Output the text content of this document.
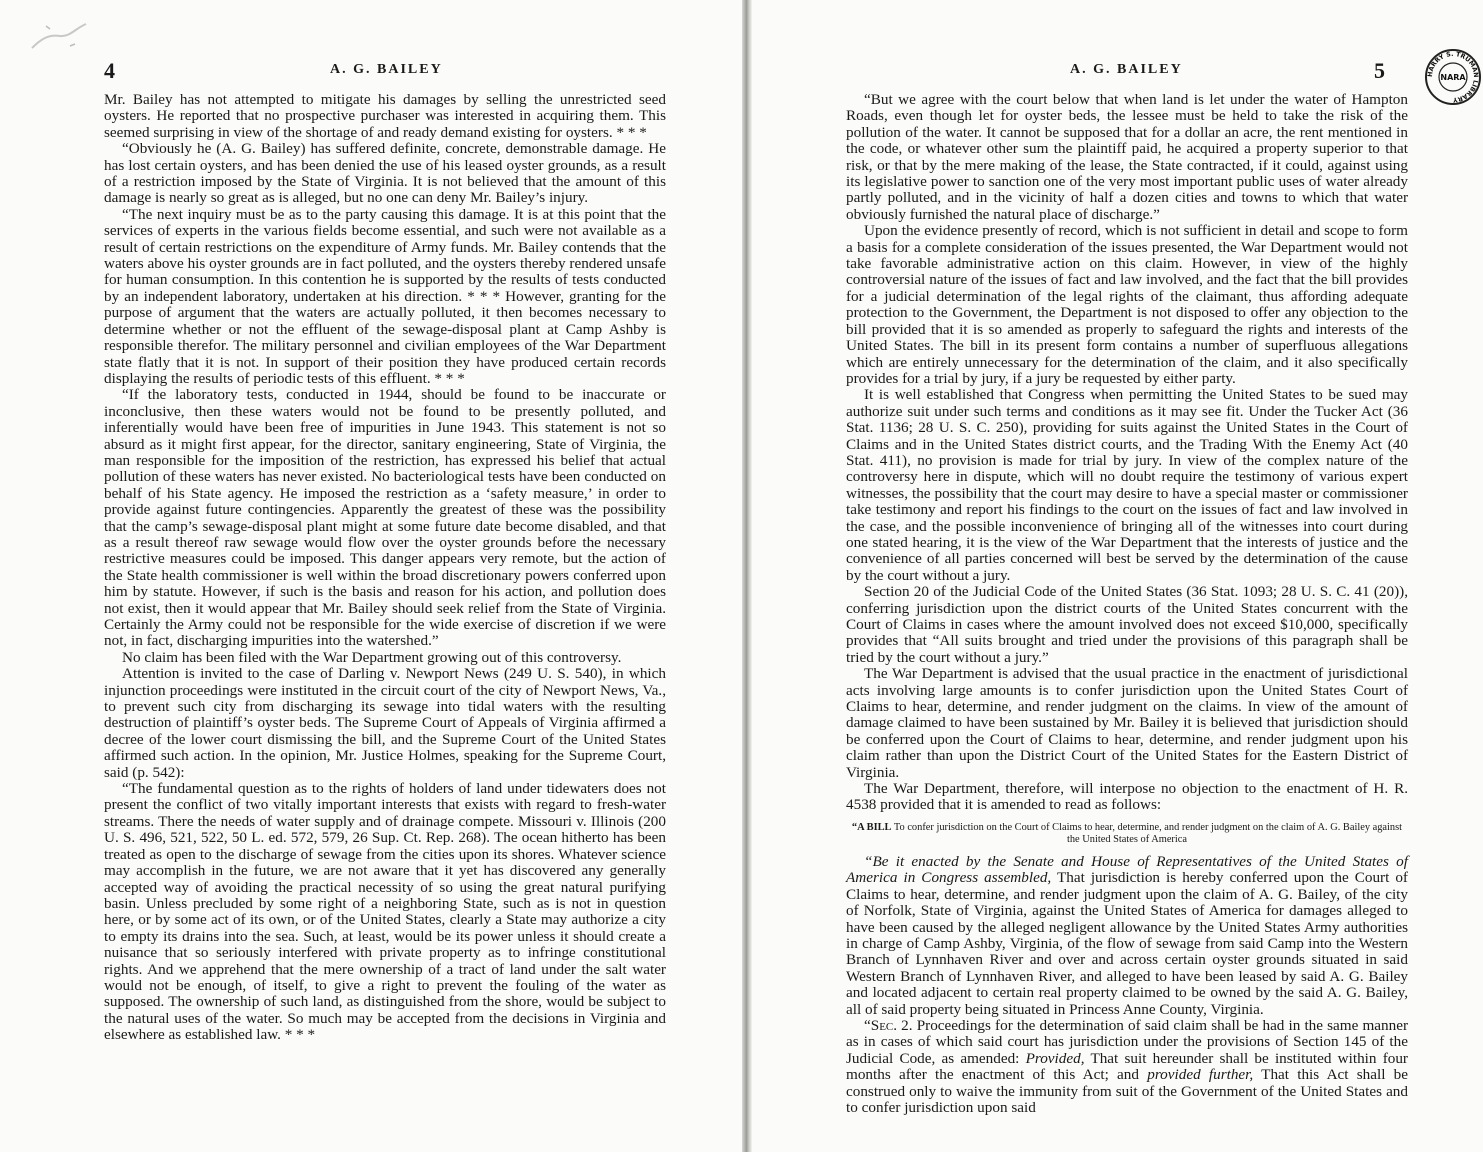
4	A. G. BAILEY

Mr. Bailey has not attempted to mitigate his damages by selling the unrestricted seed oysters. He reported that no prospective purchaser was interested in acquiring them. This seemed surprising in view of the shortage of and ready demand existing for oysters. * * *

“Obviously he (A. G. Bailey) has suffered definite, concrete, demonstrable damage. He has lost certain oysters, and has been denied the use of his leased oyster grounds, as a result of a restriction imposed by the State of Virginia. It is not believed that the amount of this damage is nearly so great as is alleged, but no one can deny Mr. Bailey’s injury.

“The next inquiry must be as to the party causing this damage. It is at this point that the services of experts in the various fields become essential, and such were not available as a result of certain restrictions on the expenditure of Army funds. Mr. Bailey contends that the waters above his oyster grounds are in fact polluted, and the oysters thereby rendered unsafe for human consumption. In this contention he is supported by the results of tests conducted by an independent laboratory, undertaken at his direction. * * * However, granting for the purpose of argument that the waters are actually polluted, it then becomes necessary to determine whether or not the effluent of the sewage-disposal plant at Camp Ashby is responsible therefor. The military personnel and civilian employees of the War Department state flatly that it is not. In support of their position they have produced certain records displaying the results of periodic tests of this effluent. * * *

“If the laboratory tests, conducted in 1944, should be found to be inaccurate or inconclusive, then these waters would not be found to be presently polluted, and inferentially would have been free of impurities in June 1943. This statement is not so absurd as it might first appear, for the director, sanitary engineering, State of Virginia, the man responsible for the imposition of the restriction, has expressed his belief that actual pollution of these waters has never existed. No bacteriological tests have been conducted on behalf of his State agency. He imposed the restriction as a ‘safety measure,’ in order to provide against future contingencies. Apparently the greatest of these was the possibility that the camp’s sewage-disposal plant might at some future date become disabled, and that as a result thereof raw sewage would flow over the oyster grounds before the necessary restrictive measures could be imposed. This danger appears very remote, but the action of the State health commissioner is well within the broad discretionary powers conferred upon him by statute. However, if such is the basis and reason for his action, and pollution does not exist, then it would appear that Mr. Bailey should seek relief from the State of Virginia. Certainly the Army could not be responsible for the wide exercise of discretion if we were not, in fact, discharging impurities into the watershed.”

No claim has been filed with the War Department growing out of this controversy.

Attention is invited to the case of Darling v. Newport News (249 U. S. 540), in which injunction proceedings were instituted in the circuit court of the city of Newport News, Va., to prevent such city from discharging its sewage into tidal waters with the resulting destruction of plaintiff’s oyster beds. The Supreme Court of Appeals of Virginia affirmed a decree of the lower court dismissing the bill, and the Supreme Court of the United States affirmed such action. In the opinion, Mr. Justice Holmes, speaking for the Supreme Court, said (p. 542):

“The fundamental question as to the rights of holders of land under tidewaters does not present the conflict of two vitally important interests that exists with regard to fresh-water streams. There the needs of water supply and of drainage compete. Missouri v. Illinois (200 U. S. 496, 521, 522, 50 L. ed. 572, 579, 26 Sup. Ct. Rep. 268). The ocean hitherto has been treated as open to the discharge of sewage from the cities upon its shores. Whatever science may accomplish in the future, we are not aware that it yet has discovered any generally accepted way of avoiding the practical necessity of so using the great natural purifying basin. Unless precluded by some right of a neighboring State, such as is not in question here, or by some act of its own, or of the United States, clearly a State may authorize a city to empty its drains into the sea. Such, at least, would be its power unless it should create a nuisance that so seriously interfered with private property as to infringe constitutional rights. And we apprehend that the mere ownership of a tract of land under the salt water would not be enough, of itself, to give a right to prevent the fouling of the water as supposed. The ownership of such land, as distinguished from the shore, would be subject to the natural uses of the water. So much may be accepted from the decisions in Virginia and elsewhere as established law. * * *

A. G. BAILEY	5	HARRY S. TRUMAN LIBRARY
NARA

“But we agree with the court below that when land is let under the water of Hampton Roads, even though let for oyster beds, the lessee must be held to take the risk of the pollution of the water. It cannot be supposed that for a dollar an acre, the rent mentioned in the code, or whatever other sum the plaintiff paid, he acquired a property superior to that risk, or that by the mere making of the lease, the State contracted, if it could, against using its legislative power to sanction one of the very most important public uses of water already partly polluted, and in the vicinity of half a dozen cities and towns to which that water obviously furnished the natural place of discharge.”

Upon the evidence presently of record, which is not sufficient in detail and scope to form a basis for a complete consideration of the issues presented, the War Department would not take favorable administrative action on this claim. However, in view of the highly controversial nature of the issues of fact and law involved, and the fact that the bill provides for a judicial determination of the legal rights of the claimant, thus affording adequate protection to the Government, the Department is not disposed to offer any objection to the bill provided that it is so amended as properly to safeguard the rights and interests of the United States. The bill in its present form contains a number of superfluous allegations which are entirely unnecessary for the determination of the claim, and it also specifically provides for a trial by jury, if a jury be requested by either party.

It is well established that Congress when permitting the United States to be sued may authorize suit under such terms and conditions as it may see fit. Under the Tucker Act (36 Stat. 1136; 28 U. S. C. 250), providing for suits against the United States in the Court of Claims and in the United States district courts, and the Trading With the Enemy Act (40 Stat. 411), no provision is made for trial by jury. In view of the complex nature of the controversy here in dispute, which will no doubt require the testimony of various expert witnesses, the possibility that the court may desire to have a special master or commissioner take testimony and report his findings to the court on the issues of fact and law involved in the case, and the possible inconvenience of bringing all of the witnesses into court during one stated hearing, it is the view of the War Department that the interests of justice and the convenience of all parties concerned will best be served by the determination of the cause by the court without a jury.

Section 20 of the Judicial Code of the United States (36 Stat. 1093; 28 U. S. C. 41 (20)), conferring jurisdiction upon the district courts of the United States concurrent with the Court of Claims in cases where the amount involved does not exceed $10,000, specifically provides that “All suits brought and tried under the provisions of this paragraph shall be tried by the court without a jury.”

The War Department is advised that the usual practice in the enactment of jurisdictional acts involving large amounts is to confer jurisdiction upon the United States Court of Claims to hear, determine, and render judgment on the claims. In view of the amount of damage claimed to have been sustained by Mr. Bailey it is believed that jurisdiction should be conferred upon the Court of Claims to hear, determine, and render judgment upon his claim rather than upon the District Court of the United States for the Eastern District of Virginia.

The War Department, therefore, will interpose no objection to the enactment of H. R. 4538 provided that it is amended to read as follows:

“A BILL To confer jurisdiction on the Court of Claims to hear, determine, and render judgment on the claim of A. G. Bailey against the United States of America

“Be it enacted by the Senate and House of Representatives of the United States of America in Congress assembled, That jurisdiction is hereby conferred upon the Court of Claims to hear, determine, and render judgment upon the claim of A. G. Bailey, of the city of Norfolk, State of Virginia, against the United States of America for damages alleged to have been caused by the alleged negligent allowance by the United States Army authorities in charge of Camp Ashby, Virginia, of the flow of sewage from said Camp into the Western Branch of Lynnhaven River and over and across certain oyster grounds situated in said Western Branch of Lynnhaven River, and alleged to have been leased by said A. G. Bailey and located adjacent to certain real property claimed to be owned by the said A. G. Bailey, all of said property being situated in Princess Anne County, Virginia.

“Sec. 2. Proceedings for the determination of said claim shall be had in the same manner as in cases of which said court has jurisdiction under the provisions of Section 145 of the Judicial Code, as amended: Provided, That suit hereunder shall be instituted within four months after the enactment of this Act; and provided further, That this Act shall be construed only to waive the immunity from suit of the Government of the United States and to confer jurisdiction upon said
